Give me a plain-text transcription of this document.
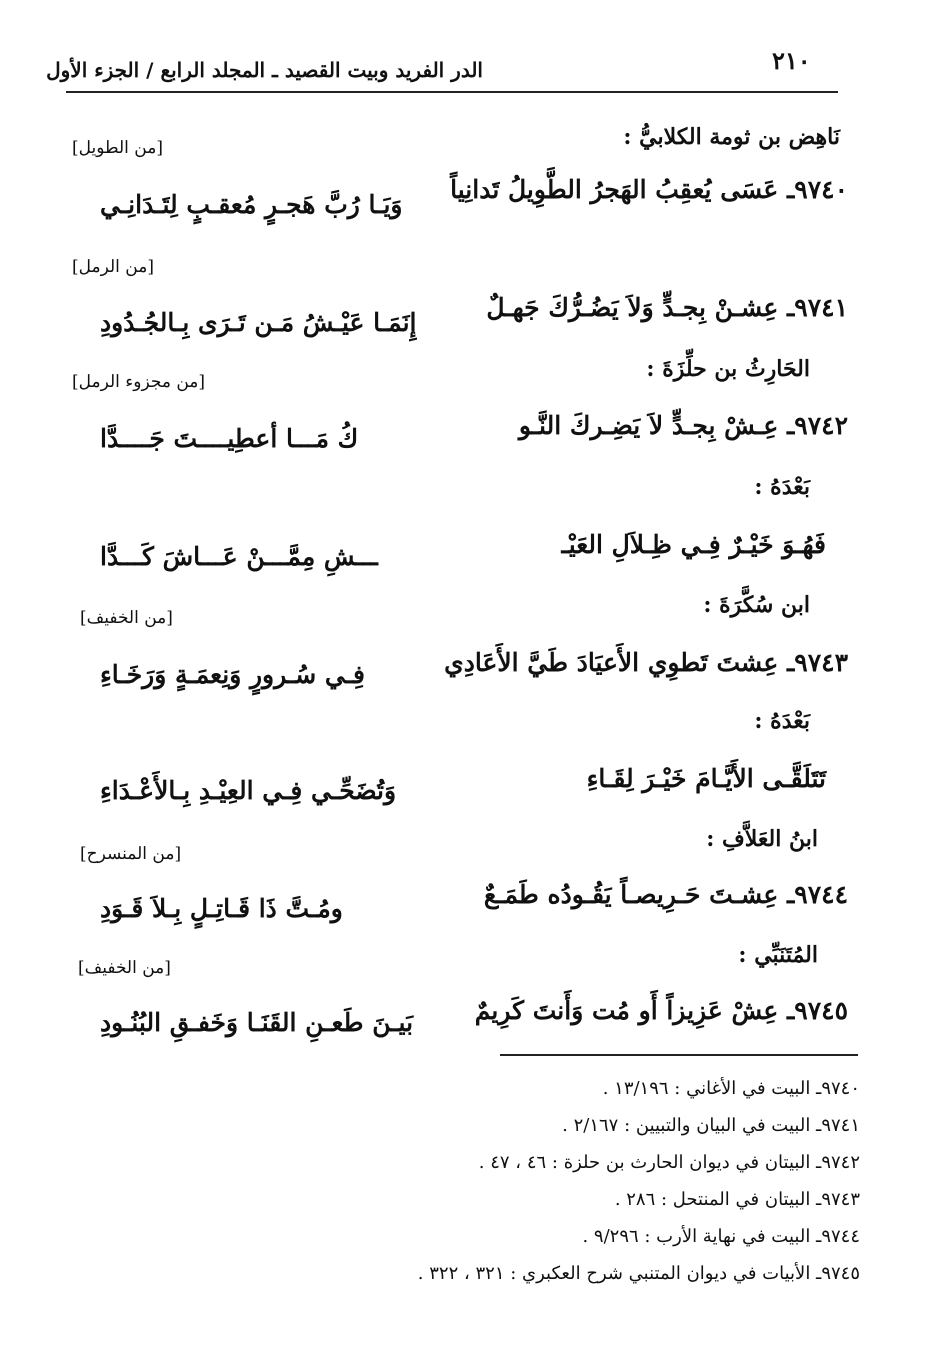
الدر الفريد وبيت القصيد ـ المجلد الرابع / الجزء الأول	٢١٠
نَاهِض بن ثومة الكلابيُّ :
[من الطويل]
٩٧٤٠ـ عَسَى يُعقِبُ الهَجرُ الطَّوِيلُ تَدانِياً
وَيَـا رُبَّ هَجـرٍ مُعقـبٍ لِتَـدَانِـي
[من الرمل]
٩٧٤١ـ عِشـنْ بِجـدٍّ وَلاَ يَضُـرُّكَ جَهـلٌ
إِنَمَـا عَيْـشُ مَـن تَـرَى بِـالجُـدُودِ
الحَارِثُ بن حلِّزَةَ :
[من مجزوء الرمل]
٩٧٤٢ـ عِـشْ بِجـدٍّ لاَ يَضِـركَ النَّـو
كُ مَـــا أعطِيــــتَ جَــــدَّا
بَعْدَهُ :
فَهُـوَ خَيْـرٌ فِـي ظِـلاَلِ العَيْـ
ـــشِ مِمَّـــنْ عَـــاشَ كَـــدَّا
ابن سُكَّرَةَ :
[من الخفيف]
٩٧٤٣ـ عِشتَ تَطوِي الأَعيَادَ طَيَّ الأَعَادِي
فِـي سُـرورٍ وَنِعمَـةٍ وَرَخَـاءِ
بَعْدَهُ :
تَتَلَقَّـى الأَيَّـامَ خَيْـرَ لِقَـاءِ
وَتُضَحِّـي فِـي العِيْـدِ بِـالأَعْـدَاءِ
ابنُ العَلاَّفِ :
[من المنسرح]
٩٧٤٤ـ عِشـتَ حَـرِيصـاً يَقُـودُه طَمَـعٌ
ومُـتَّ ذَا قَـاتِـلٍ بِـلاَ قَـوَدِ
المُتَنَبِّي :
[من الخفيف]
٩٧٤٥ـ عِشْ عَزِيزاً أَو مُت وَأَنتَ كَرِيمٌ
بَيـنَ طَعـنِ القَنَـا وَخَفـقِ البُنُـودِ
٩٧٤٠ـ البيت في الأغاني : ١٣/١٩٦ .
٩٧٤١ـ البيت في البيان والتبيين : ٢/١٦٧ .
٩٧٤٢ـ البيتان في ديوان الحارث بن حلزة : ٤٦ ، ٤٧ .
٩٧٤٣ـ البيتان في المنتحل : ٢٨٦ .
٩٧٤٤ـ البيت في نهاية الأرب : ٩/٢٩٦ .
٩٧٤٥ـ الأبيات في ديوان المتنبي شرح العكبري : ٣٢١ ، ٣٢٢ .
